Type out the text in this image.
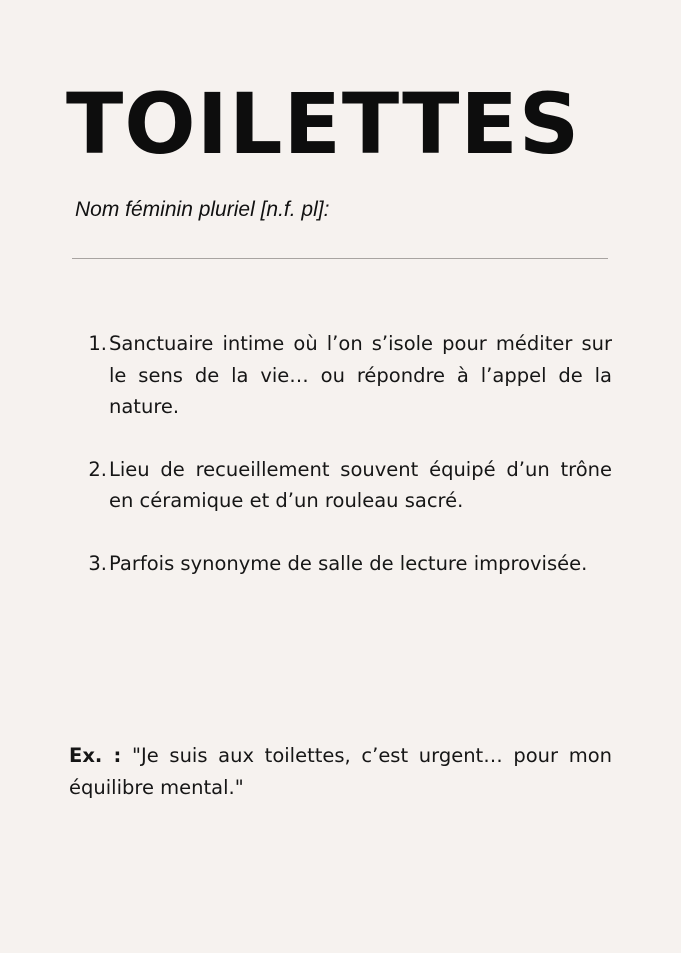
TOILETTES

Nom féminin pluriel [n.f. pl]:

1. Sanctuaire intime où l’on s’isole pour méditer sur le sens de la vie… ou répondre à l’appel de la nature.
2. Lieu de recueillement souvent équipé d’un trône en céramique et d’un rouleau sacré.
3. Parfois synonyme de salle de lecture improvisée.

Ex. : "Je suis aux toilettes, c’est urgent… pour mon équilibre mental."
